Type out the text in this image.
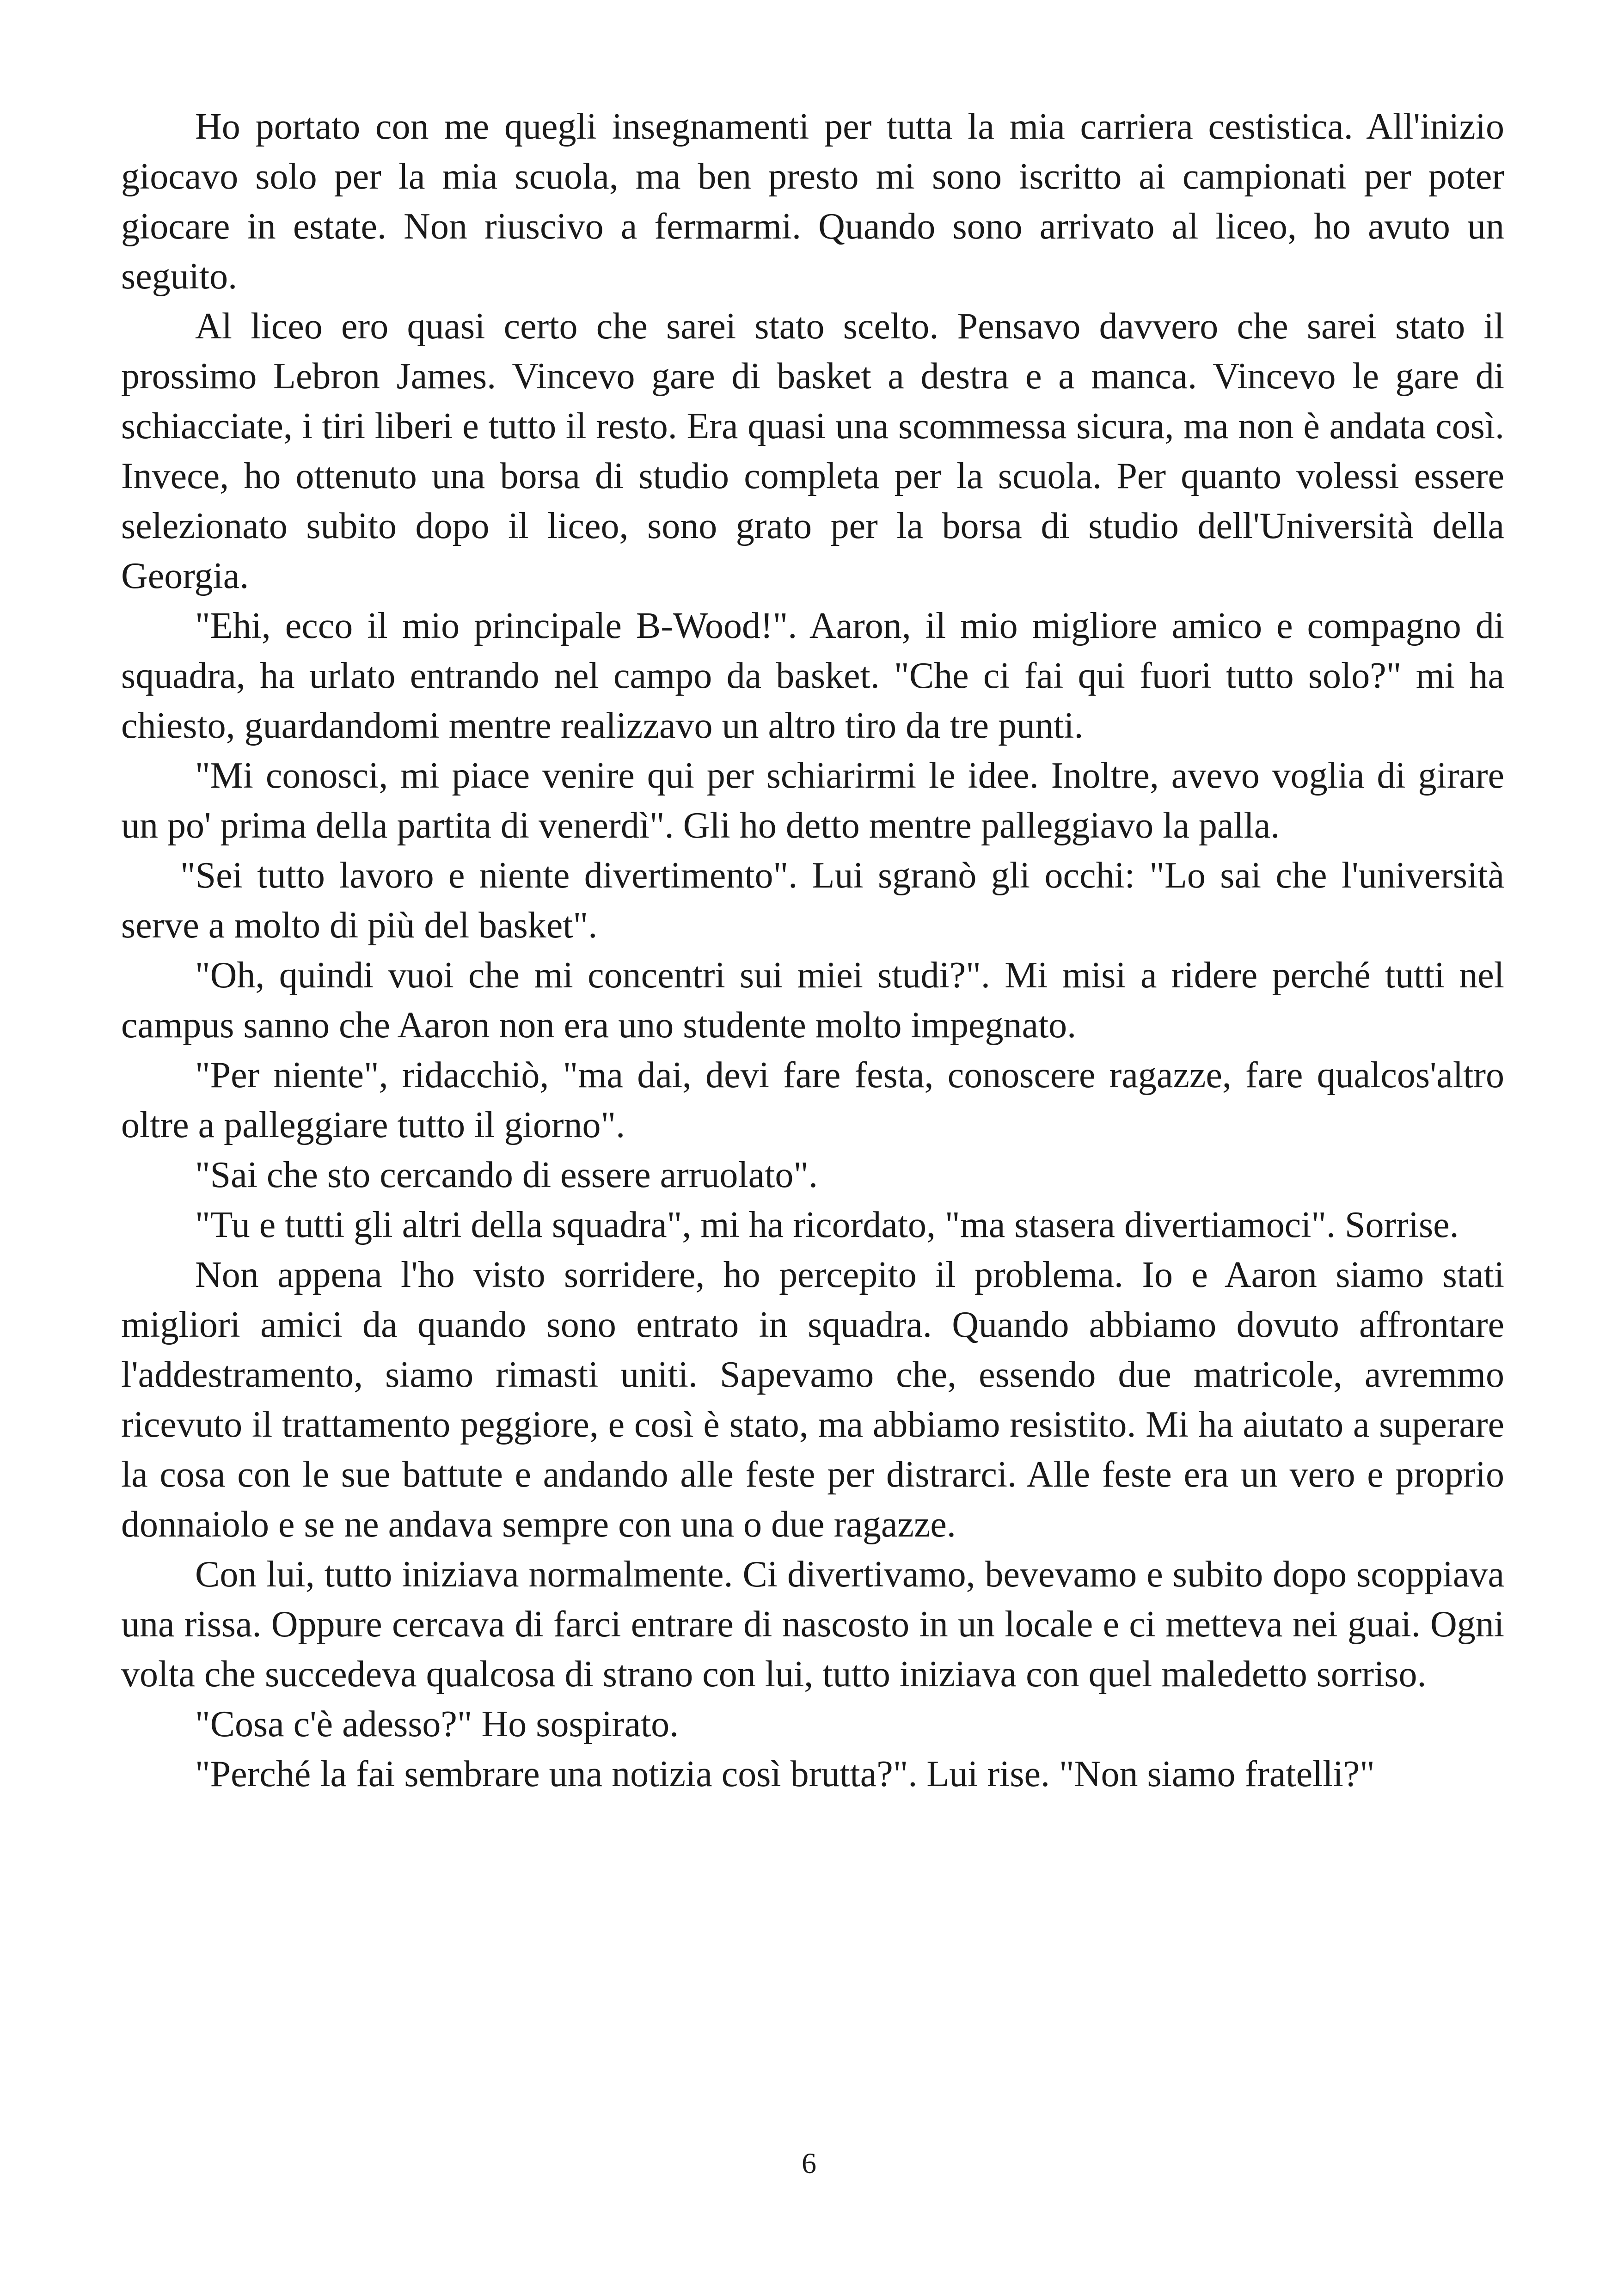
Ho portato con me quegli insegnamenti per tutta la mia carriera cestistica. All'inizio giocavo solo per la mia scuola, ma ben presto mi sono iscritto ai campionati per poter giocare in estate. Non riuscivo a fermarmi. Quando sono arrivato al liceo, ho avuto un seguito.

Al liceo ero quasi certo che sarei stato scelto. Pensavo davvero che sarei stato il prossimo Lebron James. Vincevo gare di basket a destra e a manca. Vincevo le gare di schiacciate, i tiri liberi e tutto il resto. Era quasi una scommessa sicura, ma non è andata così. Invece, ho ottenuto una borsa di studio completa per la scuola. Per quanto volessi essere selezionato subito dopo il liceo, sono grato per la borsa di studio dell'Università della Georgia.

"Ehi, ecco il mio principale B-Wood!". Aaron, il mio migliore amico e compagno di squadra, ha urlato entrando nel campo da basket. "Che ci fai qui fuori tutto solo?" mi ha chiesto, guardandomi mentre realizzavo un altro tiro da tre punti.

"Mi conosci, mi piace venire qui per schiarirmi le idee. Inoltre, avevo voglia di girare un po' prima della partita di venerdì". Gli ho detto mentre palleggiavo la palla.

"Sei tutto lavoro e niente divertimento". Lui sgranò gli occhi: "Lo sai che l'università serve a molto di più del basket".

"Oh, quindi vuoi che mi concentri sui miei studi?". Mi misi a ridere perché tutti nel campus sanno che Aaron non era uno studente molto impegnato.

"Per niente", ridacchiò, "ma dai, devi fare festa, conoscere ragazze, fare qualcos'altro oltre a palleggiare tutto il giorno".

"Sai che sto cercando di essere arruolato".

"Tu e tutti gli altri della squadra", mi ha ricordato, "ma stasera divertiamoci". Sorrise.

Non appena l'ho visto sorridere, ho percepito il problema. Io e Aaron siamo stati migliori amici da quando sono entrato in squadra. Quando abbiamo dovuto affrontare l'addestramento, siamo rimasti uniti. Sapevamo che, essendo due matricole, avremmo ricevuto il trattamento peggiore, e così è stato, ma abbiamo resistito. Mi ha aiutato a superare la cosa con le sue battute e andando alle feste per distrarci. Alle feste era un vero e proprio donnaiolo e se ne andava sempre con una o due ragazze.

Con lui, tutto iniziava normalmente. Ci divertivamo, bevevamo e subito dopo scoppiava una rissa. Oppure cercava di farci entrare di nascosto in un locale e ci metteva nei guai. Ogni volta che succedeva qualcosa di strano con lui, tutto iniziava con quel maledetto sorriso.

"Cosa c'è adesso?" Ho sospirato.

"Perché la fai sembrare una notizia così brutta?". Lui rise. "Non siamo fratelli?"

6
